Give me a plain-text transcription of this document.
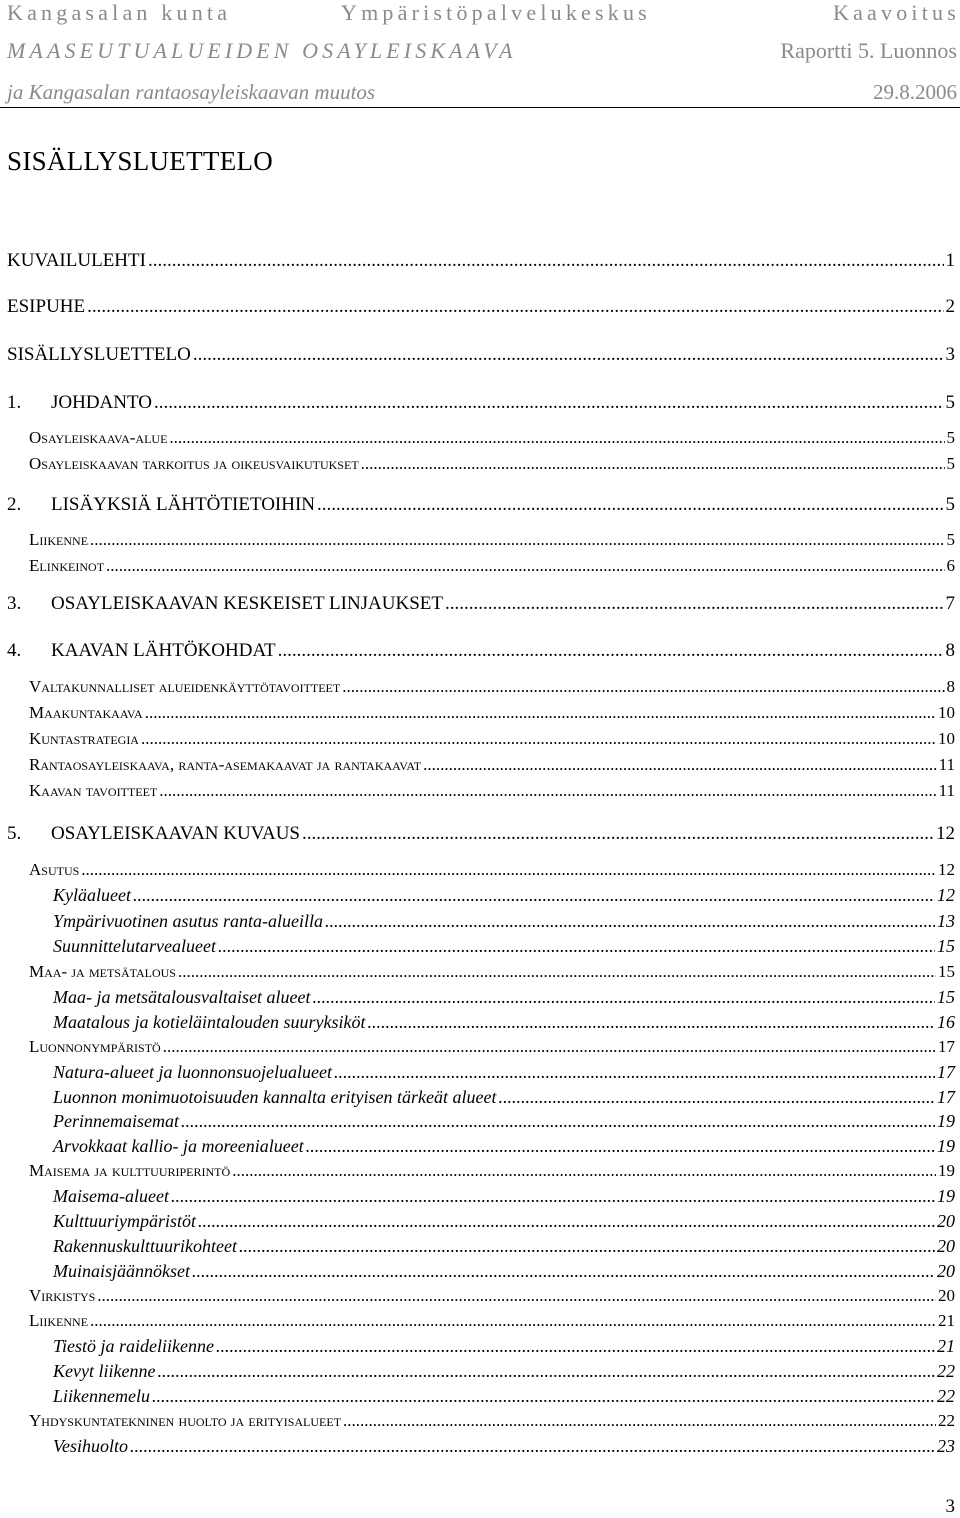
Kangasalan kunta	Ympäristöpalvelukeskus	Kaavoitus
MAASEUTUALUEIDEN OSAYLEISKAAVA	Raportti 5. Luonnos
ja Kangasalan rantaosayleiskaavan muutos	29.8.2006
SISÄLLYSLUETTELO
KUVAILULEHTI .....	1
ESIPUHE .....	2
SISÄLLYSLUETTELO .....	3
1. JOHDANTO .....	5
Osayleiskaava-alue .....	5
Osayleiskaavan tarkoitus ja oikeusvaikutukset .....	5
2. LISÄYKSIÄ LÄHTÖTIETOIHIN .....	5
Liikenne .....	5
Elinkeinot .....	6
3. OSAYLEISKAAVAN KESKEISET LINJAUKSET .....	7
4. KAAVAN LÄHTÖKOHDAT .....	8
Valtakunnalliset alueidenkäyttötavoitteet .....	8
Maakuntakaava .....	10
Kuntastrategia .....	10
Rantaosayleiskaava, ranta-asemakaavat ja rantakaavat .....	11
Kaavan tavoitteet .....	11
5. OSAYLEISKAAVAN KUVAUS .....	12
Asutus .....	12
Kyläalueet .....	12
Ympärivuotinen asutus ranta-alueilla .....	13
Suunnittelutarvealueet .....	15
Maa- ja metsätalous .....	15
Maa- ja metsätalousvaltaiset alueet .....	15
Maatalous ja kotieläintalouden suuryksiköt .....	16
Luonnonympäristö .....	17
Natura-alueet ja luonnonsuojelualueet .....	17
Luonnon monimuotoisuuden kannalta erityisen tärkeät alueet .....	17
Perinnemaisemat .....	19
Arvokkaat kallio- ja moreenialueet .....	19
Maisema ja kulttuuriperintö .....	19
Maisema-alueet .....	19
Kulttuuriympäristöt .....	20
Rakennuskulttuurikohteet .....	20
Muinaisjäännökset .....	20
Virkistys .....	20
Liikenne .....	21
Tiestö ja raideliikenne .....	21
Kevyt liikenne .....	22
Liikennemelu .....	22
Yhdyskuntatekninen huolto ja erityisalueet .....	22
Vesihuolto .....	23
3
